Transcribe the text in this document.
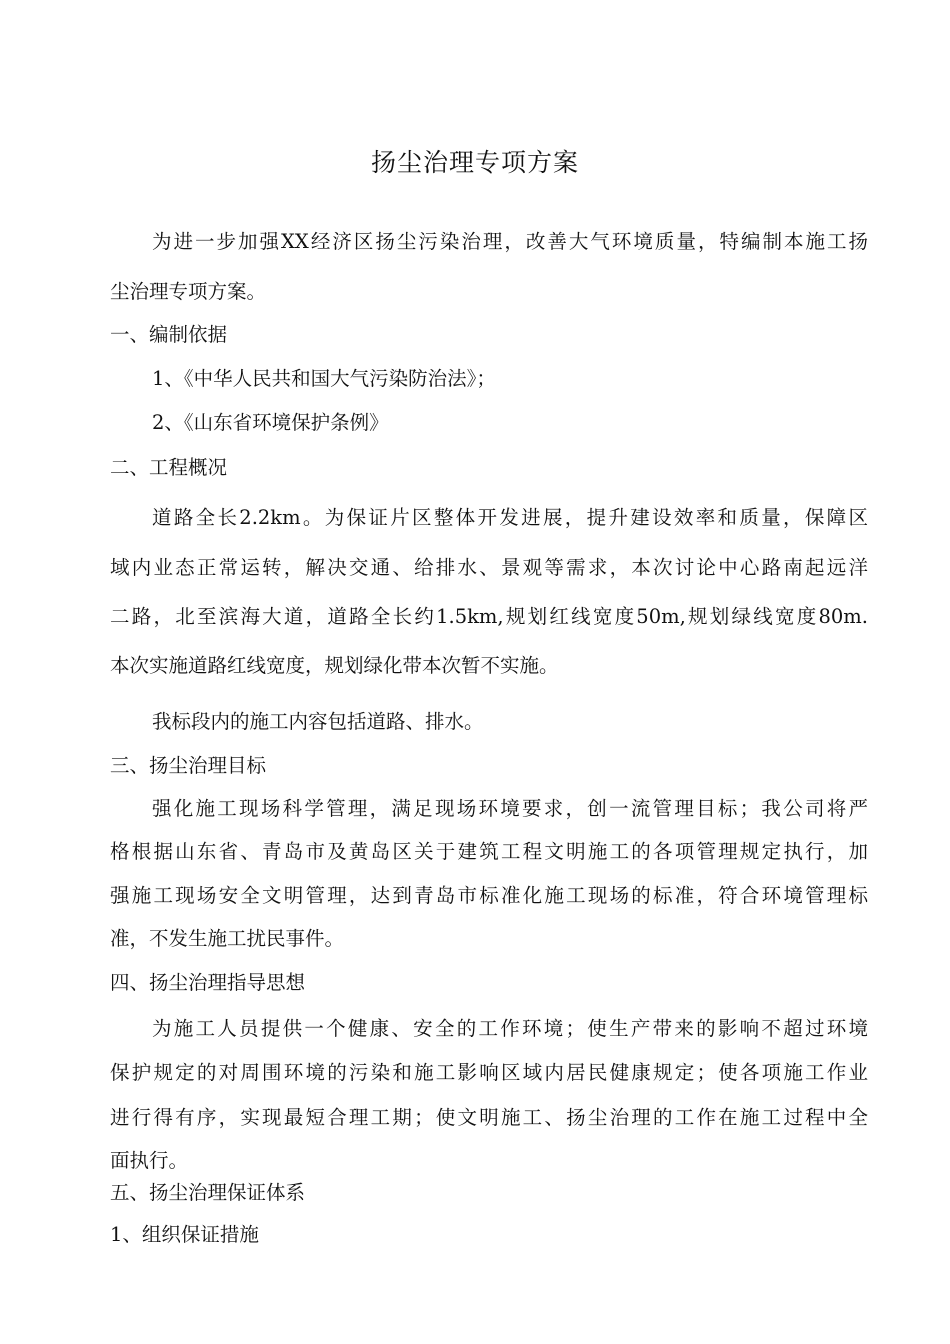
扬尘治理专项方案
为进一步加强XX经济区扬尘污染治理，改善大气环境质量，特编制本施工扬
尘治理专项方案。
一、编制依据
1、《中华人民共和国大气污染防治法》；
2、《山东省环境保护条例》
二、工程概况
道路全长2.2km。为保证片区整体开发进展，提升建设效率和质量，保障区
域内业态正常运转，解决交通、给排水、景观等需求，本次讨论中心路南起远洋
二路，北至滨海大道，道路全长约1.5km,规划红线宽度50m,规划绿线宽度80m.
本次实施道路红线宽度，规划绿化带本次暂不实施。
我标段内的施工内容包括道路、排水。
三、扬尘治理目标
强化施工现场科学管理，满足现场环境要求，创一流管理目标；我公司将严
格根据山东省、青岛市及黄岛区关于建筑工程文明施工的各项管理规定执行，加
强施工现场安全文明管理，达到青岛市标准化施工现场的标准，符合环境管理标
准，不发生施工扰民事件。
四、扬尘治理指导思想
为施工人员提供一个健康、安全的工作环境；使生产带来的影响不超过环境
保护规定的对周围环境的污染和施工影响区域内居民健康规定；使各项施工作业
进行得有序，实现最短合理工期；使文明施工、扬尘治理的工作在施工过程中全
面执行。
五、扬尘治理保证体系
1、组织保证措施
